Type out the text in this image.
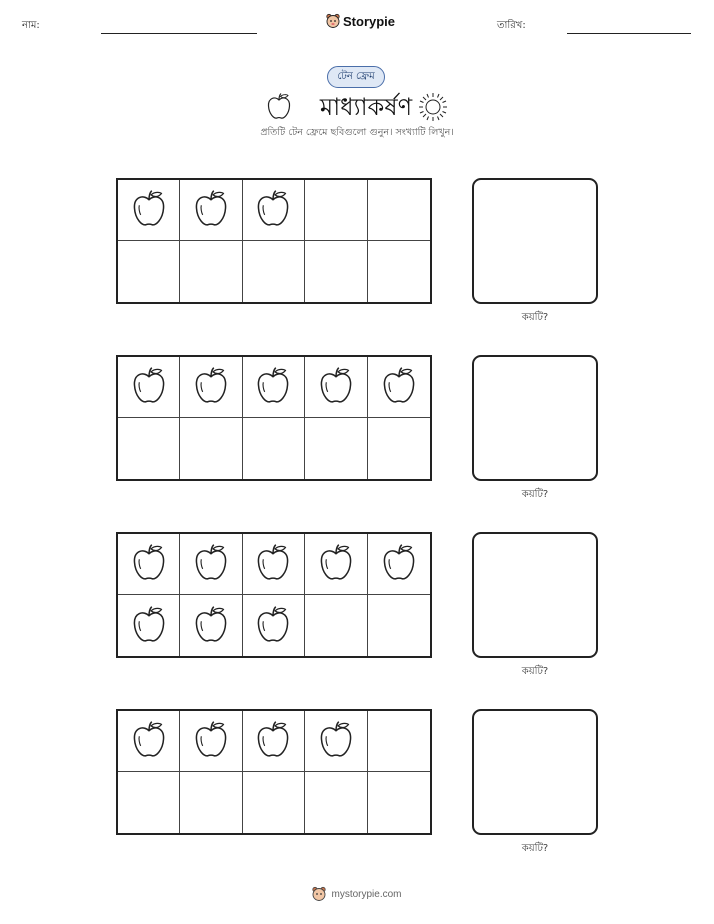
নাম:	Storypie	তারিখ:
টেন ফ্রেম
মাধ্যাকর্ষণ
প্রতিটি টেন ফ্রেমে ছবিগুলো গুনুন। সংখ্যাটি লিখুন।
কয়টি?
কয়টি?
কয়টি?
কয়টি?
mystorypie.com
